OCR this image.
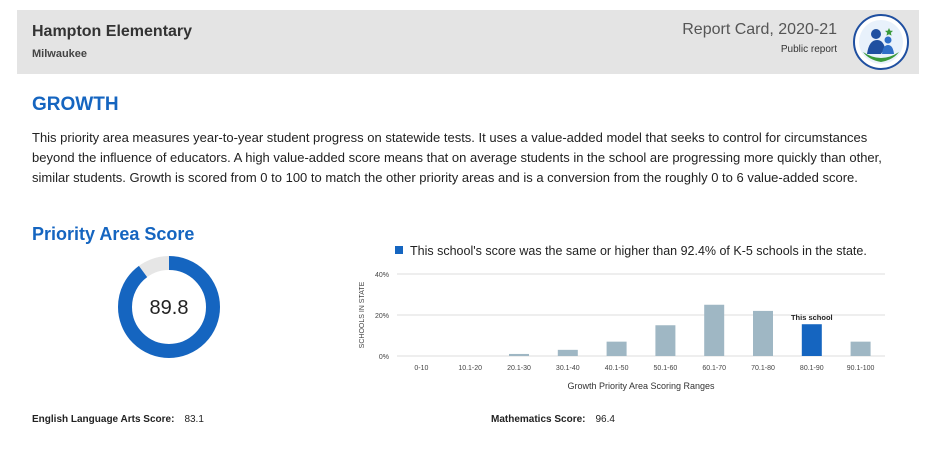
Hampton Elementary
Milwaukee
Report Card, 2020-21
Public report
GROWTH
This priority area measures year-to-year student progress on statewide tests. It uses a value-added model that seeks to control for circumstances beyond the influence of educators. A high value-added score means that on average students in the school are progressing more quickly than other, similar students. Growth is scored from 0 to 100 to match the other priority areas and is a conversion from the roughly 0 to 6 value-added score.
Priority Area Score
89.8
This school's score was the same or higher than 92.4% of K-5 schools in the state.
0%
20%
40%
SCHOOLS IN STATE
0-10	10.1-20	20.1-30	30.1-40	40.1-50	50.1-60	60.1-70	70.1-80	80.1-90
This school
90.1-100
Growth Priority Area Scoring Ranges
English Language Arts Score: 83.1	Mathematics Score: 96.4
